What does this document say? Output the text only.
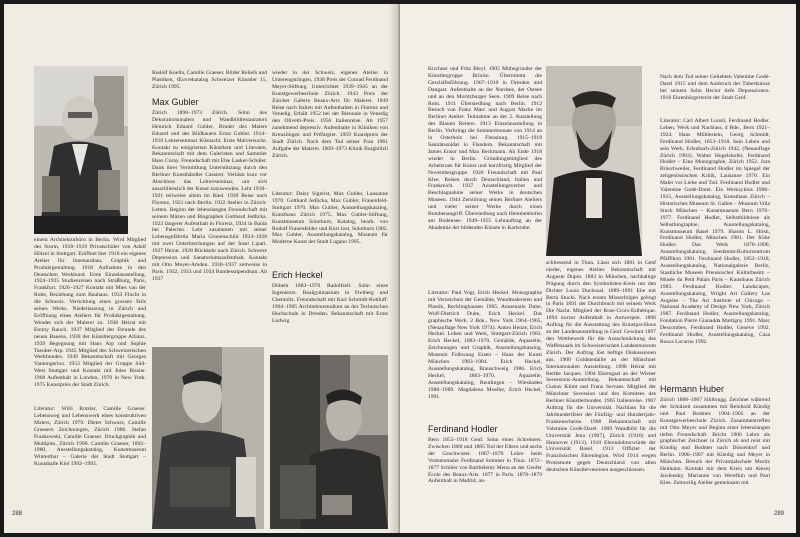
einem Architekturbüro in Berlin. Wird Mitglied des Sturm, 1918–1919 Privatschüler von Adolf Hölzel in Stuttgart. Eröffnet hier 1918 ein eigenes Atelier für Innenausbau, Graphik und Produktgestaltung. 1918 Aufnahme in den Deutschen Werkbund. Erste Einzelausstellung. 1924–1925 Studienreisen nach Straßburg, Paris, Frankfurt. 1926–1927 Kontakt mit Mies van der Rohe, Beziehung zum Bauhaus. 1933 Flucht in die Schweiz. Verrichtung eines grossen Stils seines Werks. Niederlassung in Zürich und Eröffnung eines Ateliers für Produktgestaltung. Wendet sich der Malerei zu. 1936 Heirat mit Emmy Rauch. 1937 Mitglied der Freunde des neuen Bauens, 1938 der Künstlergruppe Allianz. 1939 Begegnung mit Hans Arp und Sophie Taeuber-Arp. 1945 Mitglied des Schweizerischen Werkbundes. 1949 Bekanntschaft mit Georges Vantongerloo. 1953 Mitglied der Gruppe Süd-West Stuttgart und Kontakt mit Jules Bissier. 1968 Aufenthalt in London, 1970 in New York. 1975 Kunstpreis der Stadt Zürich.

Literatur: Willi Rotzler, Camille Graeser. Lebensweg und Lebenswerk eines konstruktiven Malers, Zürich 1979. Dieter Schwarz, Camille Graesers Zeichnungen, Zürich 1986. Stefan Frankowski, Camille Graeser. Druckgraphik und Multiples, Zürich 1990. Camille Graeser, 1892–1980, Ausstellungskatalog, Kunstmuseum Winterthur – Galerie der Stadt Stuttgart – Kunsthalle Kiel 1992–1993.

288

Rudolf Koella, Camille Graeser. Bilder Reliefs und Plastiken, Œuvrekatalog Schweizer Künstler 15, Zürich 1995.

Max Gubler

Zürich 1898–1973 Zürich. Sohn des Dekorationsmalers und Wandbildrestaurators Heinrich Eduard Gubler. Bruder des Malers Eduard und des Bildhauers Ernst Gubler. 1914–1918 Lehrerseminar Küsnacht. Erste Malversuche. Kontakt zu emigrierten Künstlern und Literaten. Bekanntschaft mit dem Galeristen und Sammler Hans Coray. Freundschaft mit Else Lasker-Schüler. Dank ihrer Vermittlung Unterstützung durch den Berliner Kunsthändler Cassirer. Verlässt kurz vor Abschluss das Lehrerseminar, um sich ausschliesslich der Kunst zuzuwenden. Lebt 1918–1921 teilweise allein im Ried. 1920 Reise nach Florenz, 1921 nach Berlin. 1922 Atelier in Zürich-Letten. Beginn der lebenslangen Freundschaft mit seinem Mäzen und Biographen Gotthard Jedlicka. 1923 längerer Aufenthalt in Florenz, 1924 in Baida bei Palermo. Lebt zusammen mit seiner Lebensgefährtin Maria Gronenschild 1924–1928 mit zwei Unterbrechungen auf der Insel Lipari. 1927 Heirat. 1928 Rückkehr nach Zürich. Schwere Depression und Sanatoriumsaufenthalt. Kontakt mit Otto Meyer-Amden. 1930–1937 zeitweise in Paris. 1932, 1933 und 1934 Bundesstipendium. Ab 1937

wieder in der Schweiz, eigenes Atelier in Unterengstringen. 1938 Preis der Conrad Ferdinand Meyer-Stiftung. Unterrichtet 1939–1945 an der Kunstgewerbeschule Zürich. 1943 Preis der Zürcher Galerie Beaux-Arts für Malerei. 1949 Reise nach Italien mit Aufenthalten in Florenz und Venedig. Erhält 1952 bei der Biennale in Venedig den Olivetti-Preis. 1956 Italienreise. Ab 1957 zunehmend depressiv. Aufenthalte in Kliniken von Kreuzlingen und Préfargier. 1959 Kunstpreis der Stadt Zürich. Nach dem Tod seiner Frau 1961 Aufgabe der Malerei. 1969–1973 Klinik Burghölzli Zürich.

Literatur: Daisy Sigerist, Max Gubler, Lausanne 1970. Gotthard Jedlicka, Max Gubler, Frauenfeld-Stuttgart 1970. Max Gubler, Ausstellungskatalog, Kunsthaus Zürich 1975. Max Gubler-Stiftung, Kunstmuseum Solothurn, Katalog, bearb. von Rudolf Frauenfelder und Kurt Jost, Solothurn 1982. Max Gubler, Ausstellungskatalog, Museum für Moderne Kunst der Stadt Lugano 1995.

Erich Heckel

Döbeln 1883–1970 Radolfzell. Sohn eines Ingenieurs. Realgymnasium in Freiberg und Chemnitz. Freundschaft mit Karl Schmidt-Rottluff. 1904–1905 Architekturstudium an der Technischen Hochschule in Dresden. Bekanntschaft mit Ernst Ludwig

Kirchner und Fritz Bleyl. 1905 Mitbegründer der Künstlergruppe Brücke. Übernimmt die Geschäftsführung. 1907–1910 in Dresden und Dangast. Aufenthalte an der Nordsee, der Ostsee und an den Moritzburger Seen. 1909 Reise nach Rom. 1911 Übersiedlung nach Berlin. 1912 Besuch von Franz Marc und August Macke im Berliner Atelier. Teilnahme an der 2. Ausstellung des Blauen Reiters. 1913 Einzelausstellung in Berlin. Verbringt die Sommermonate von 1914 an in Osterholz bei Flensburg. 1915–1918 Sanitätssoldat in Flandern. Bekanntschaft mit James Ensor und Max Beckmann. Ab Ende 1918 wieder in Berlin. Gründungsmitglied des Arbeitsrats für Kunst und kurzfristig Mitglied der Novembergruppe. 1920 Freundschaft mit Paul Klee. Reisen durch Deutschland, Italien und Frankreich. 1937 Ausstellungsverbot und Beschlagnahme seiner Werke in deutschen Museen. 1944 Zerstörung seines Berliner Ateliers und vieler seiner Werke durch einen Bombenangriff. Übersiedlung nach Hemmenhofen am Bodensee. 1949–1955 Lehrauftrag an der Akademie der bildenden Künste in Karlsruhe.

Literatur: Paul Vogt, Erich Heckel. Monographie mit Verzeichnis der Gemälde, Wandmalereien und Plastik, Recklinghausen 1965. Annemarie Dube, Wolf-Dietrich Dube, Erich Heckel. Das graphische Werk, 2 Bde., New York 1964–1965, (Neuauflage New York 1974). Anton Henze, Erich Heckel. Leben und Werk, Stuttgart-Zürich 1983. Erich Heckel, 1883–1970. Gemälde, Aquarelle, Zeichnungen und Graphik, Ausstellungskatalog, Museum Folkwang Essen – Haus der Kunst München 1983–1984. Erich Heckel, Ausstellungskatalog, Brauschweig 1986. Erich Heckel, 1883–1970. Aquarelle, Ausstellungskatalog, Reutlingen – Wiesbaden 1988–1989. Magdalena Moeller, Erich Heckel, 1991.

Ferdinand Hodler

Bern 1853–1918 Genf. Sohn eines Schreiners. Zwischen 1860 und 1885 Tod der Eltern und sechs der Geschwister. 1867–1870 Lehre beim Vedutenmaler Ferdinand Sommer in Thun. 1872–1877 Schüler von Barthélemy Menn an der Genfer École des Beaux-Arts. 1877 in Paris. 1878–1879 Aufenthalt in Madrid, an-

schliessend in Thun. Lässt sich 1881 in Genf nieder, eigenes Atelier. Bekanntschaft mit Auguste Dupin. 1883 in München, nachhaltige Prägung durch den Symbolisten-Kreis um den Dichter Louis Duchosal. 1889–1891 Ehe mit Berta Stucki. Nach ersten Misserfolgen gelingt in Paris 1891 der Durchbruch mit seinem Werk Die Nacht. Mitglied der Rose-Croix-Esthétique. 1894 kurzer Aufenthalt in Antwerpen. 1896 Auftrag für die Ausstattung des Kunstpavillons an der Landesausstellung in Genf. Gewinnt 1897 den Wettbewerb für die Ausschmückung des Waffensaals im Schweizerischen Landesmuseum Zürich. Der Auftrag löst heftige Diskussionen aus. 1900 Goldmedaille an der Münchner Internationalen Ausstellung. 1898 Heirat mit Berthe Jacques. 1904 Ehrengast an der Wiener Secessions-Ausstellung. Bekanntschaft mit Gustav Klimt und Franz Servaes. Mitglied der Münchner Secession und des Komitees des Berliner Künstlerbundes. 1905 Italienreise. 1907 Auftrag für die Universität. Nachlass für die Jahrhundertfeier der Fünfzig- und Hundertjahr-Frankenscheine. 1908 Bekanntschaft mit Valentine Godé-Darel. 1909 Wandbild für die Universität Jena (1907), Zürich (1910) und Hannover (1913). 1910 Ehrendoktorwürde der Universität Basel. 1913 Offizier der Französischen Ehrenlegion. Wird 1914 wegen Protestnote gegen Deutschland von allen deutschen Künstlervereinen ausgeschlossen.

Nach dem Tod seiner Geliebten Valentine Godé-Darel 1915 und dem Ausbruch der Tuberkulose bei seinem Sohn Hector tiefe Depressionen. 1918 Ehrenbürgerrecht der Stadt Genf.

Literatur: Carl Albert Loosli, Ferdinand Hodler. Leben, Werk und Nachlass, 4 Bde., Bern 1921–1924. Hans Mühlestein, Georg Schmidt, Ferdinand Hodler, 1853–1918. Sein Leben und sein Werk, Erlenbach-Zürich 1942, (Neuauflage Zürich 1983). Walter Hugelshofer, Ferdinand Hodler – Eine Monographie, Zürich 1952. Jura Brüschweiler, Ferdinand Hodler im Spiegel der zeitgenössischen Kritik, Lausanne 1970. Ein Maler vor Liebe und Tod. Ferdinand Hodler und Valentine Godé-Darel. Ein Werkzyklus 1908–1915, Ausstellungskatalog, Kunsthaus Zürich – Historisches Museum St. Gallen – Museum Villa Stuck München – Kunstmuseum Bern 1976–1977. Ferdinand Hodler, Selbstbildnisse als Selbstbiographie, Ausstellungskatalog, Kunstmuseum Basel 1979. Sharon L. Hirsh, Ferdinand Hodler, München 1981. Der frühe Hodler. Das Werk 1870–1890, Ausstellungskatalog, Seedamm-Kulturzentrum Pfäffikon 1981. Ferdinand Hodler, 1853–1918, Ausstellungskatalog, Nationalgalerie Berlin, Staatliche Museen Preussischer Kulturbesitz – Musée du Petit Palais Paris – Kunsthaus Zürich 1983. Ferdinand Hodler. Landscapes, Ausstellungskatalog, Wright Art Gallery Los Angeles – The Art Institute of Chicago – National Academy of Design New York, Zürich 1987. Ferdinand Hodler, Ausstellungskatalog, Fondation Pierre Gianadda Martigny 1991. Marc Descombes, Ferdinand Hodler, Genève 1992. Ferdinand Hodler, Ausstellungskatalog, Casa Rusca Locarno 1992.

Hermann Huber

Zürich 1888–1967 Sihlbrugg. Zeichnet während der Schulzeit zusammen mit Reinhold Kündig und Paul Bodmer. 1904–1905 an der Kunstgewerbeschule Zürich. Zusammentreffen mit Otto Meyer und Beginn einer lebenslangen tiefen Freundschaft. Bricht 1906 Lehre als graphischer Zeichner in Zürich ab und reist mit Kündig und Bodmer nach Düsseldorf und Berlin. 1906–1907 mit Kündig und Meyer in München. Besuch der Privatmalschule Moritz Heimann. Kontakt mit dem Kreis um Alexej Jawlensky, Marianne von Werefkin und Paul Klee. Zeitweilig Atelier gemeinsam mit

289
